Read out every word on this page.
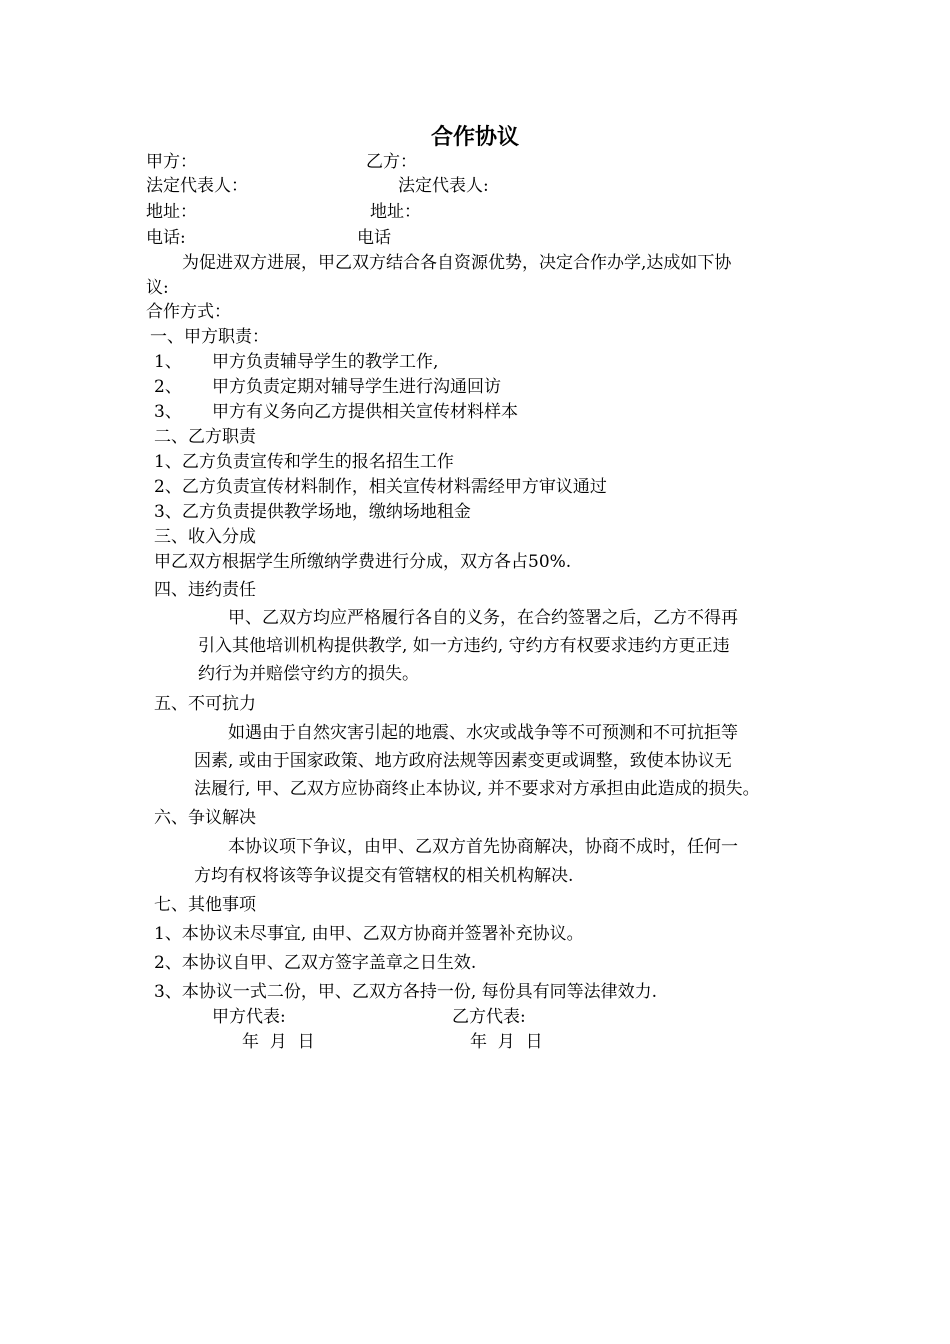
合作协议

甲方：	乙方：

法定代表人：	法定代表人:

地址：	地址：

电话:	电话

为促进双方进展，甲乙双方结合各自资源优势，决定合作办学,达成如下协

议:

合作方式：

一、甲方职责：

1、 甲方负责辅导学生的教学工作,

2、 甲方负责定期对辅导学生进行沟通回访

3、 甲方有义务向乙方提供相关宣传材料样本

二、乙方职责

1、乙方负责宣传和学生的报名招生工作

2、乙方负责宣传材料制作，相关宣传材料需经甲方审议通过

3、乙方负责提供教学场地，缴纳场地租金

三、收入分成

甲乙双方根据学生所缴纳学费进行分成，双方各占50%.

四、违约责任

甲、乙双方均应严格履行各自的义务，在合约签署之后，乙方不得再

引入其他培训机构提供教学, 如一方违约, 守约方有权要求违约方更正违

约行为并赔偿守约方的损失。

五、不可抗力

如遇由于自然灾害引起的地震、水灾或战争等不可预测和不可抗拒等

因素, 或由于国家政策、地方政府法规等因素变更或调整，致使本协议无

法履行, 甲、乙双方应协商终止本协议, 并不要求对方承担由此造成的损失。

六、争议解决

本协议项下争议，由甲、乙双方首先协商解决，协商不成时，任何一

方均有权将该等争议提交有管辖权的相关机构解决.

七、其他事项

1、本协议未尽事宜, 由甲、乙双方协商并签署补充协议。

2、本协议自甲、乙双方签字盖章之日生效.

3、本协议一式二份，甲、乙双方各持一份, 每份具有同等法律效力.

甲方代表:	乙方代表:

年  月  日	年  月  日
